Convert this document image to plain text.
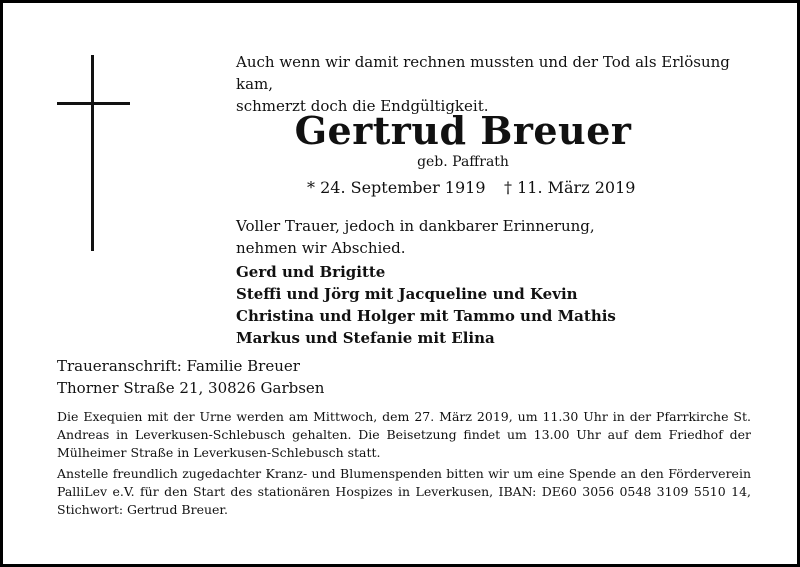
Auch wenn wir damit rechnen mussten und der Tod als Erlösung kam,
schmerzt doch die Endgültigkeit.
Gertrud Breuer
geb. Paffrath
* 24. September 1919 † 11. März 2019
Voller Trauer, jedoch in dankbarer Erinnerung,
nehmen wir Abschied.
Gerd und Brigitte
Steffi und Jörg mit Jacqueline und Kevin
Christina und Holger mit Tammo und Mathis
Markus und Stefanie mit Elina
Traueranschrift: Familie Breuer
Thorner Straße 21, 30826 Garbsen
Die Exequien mit der Urne werden am Mittwoch, dem 27. März 2019, um 11.30 Uhr in der Pfarrkirche St. Andreas in Leverkusen-Schlebusch gehalten. Die Beisetzung findet um 13.00 Uhr auf dem Friedhof der Mülheimer Straße in Leverkusen-Schlebusch statt.
Anstelle freundlich zugedachter Kranz- und Blumenspenden bitten wir um eine Spende an den Förderverein PalliLev e.V. für den Start des stationären Hospizes in Leverkusen, IBAN: DE60 3056 0548 3109 5510 14, Stichwort: Gertrud Breuer.
